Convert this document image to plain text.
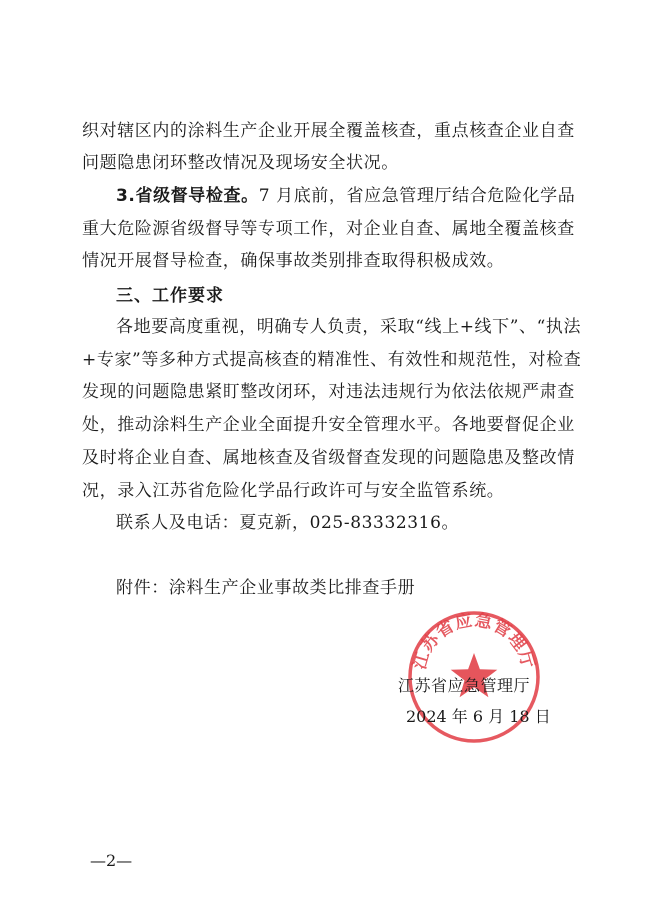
织对辖区内的涂料生产企业开展全覆盖核查，重点核查企业自查
问题隐患闭环整改情况及现场安全状况。
3.省级督导检查。7 月底前，省应急管理厅结合危险化学品
重大危险源省级督导等专项工作，对企业自查、属地全覆盖核查
情况开展督导检查，确保事故类别排查取得积极成效。
三、工作要求
各地要高度重视，明确专人负责，采取“线上+线下”、“执法
+专家”等多种方式提高核查的精准性、有效性和规范性，对检查
发现的问题隐患紧盯整改闭环，对违法违规行为依法依规严肃查
处，推动涂料生产企业全面提升安全管理水平。各地要督促企业
及时将企业自查、属地核查及省级督查发现的问题隐患及整改情
况，录入江苏省危险化学品行政许可与安全监管系统。
联系人及电话：夏克新，025-83332316。
附件：涂料生产企业事故类比排查手册
江苏省应急管理厅
江苏省应急管理厅
2024 年 6 月 18 日
—2—
